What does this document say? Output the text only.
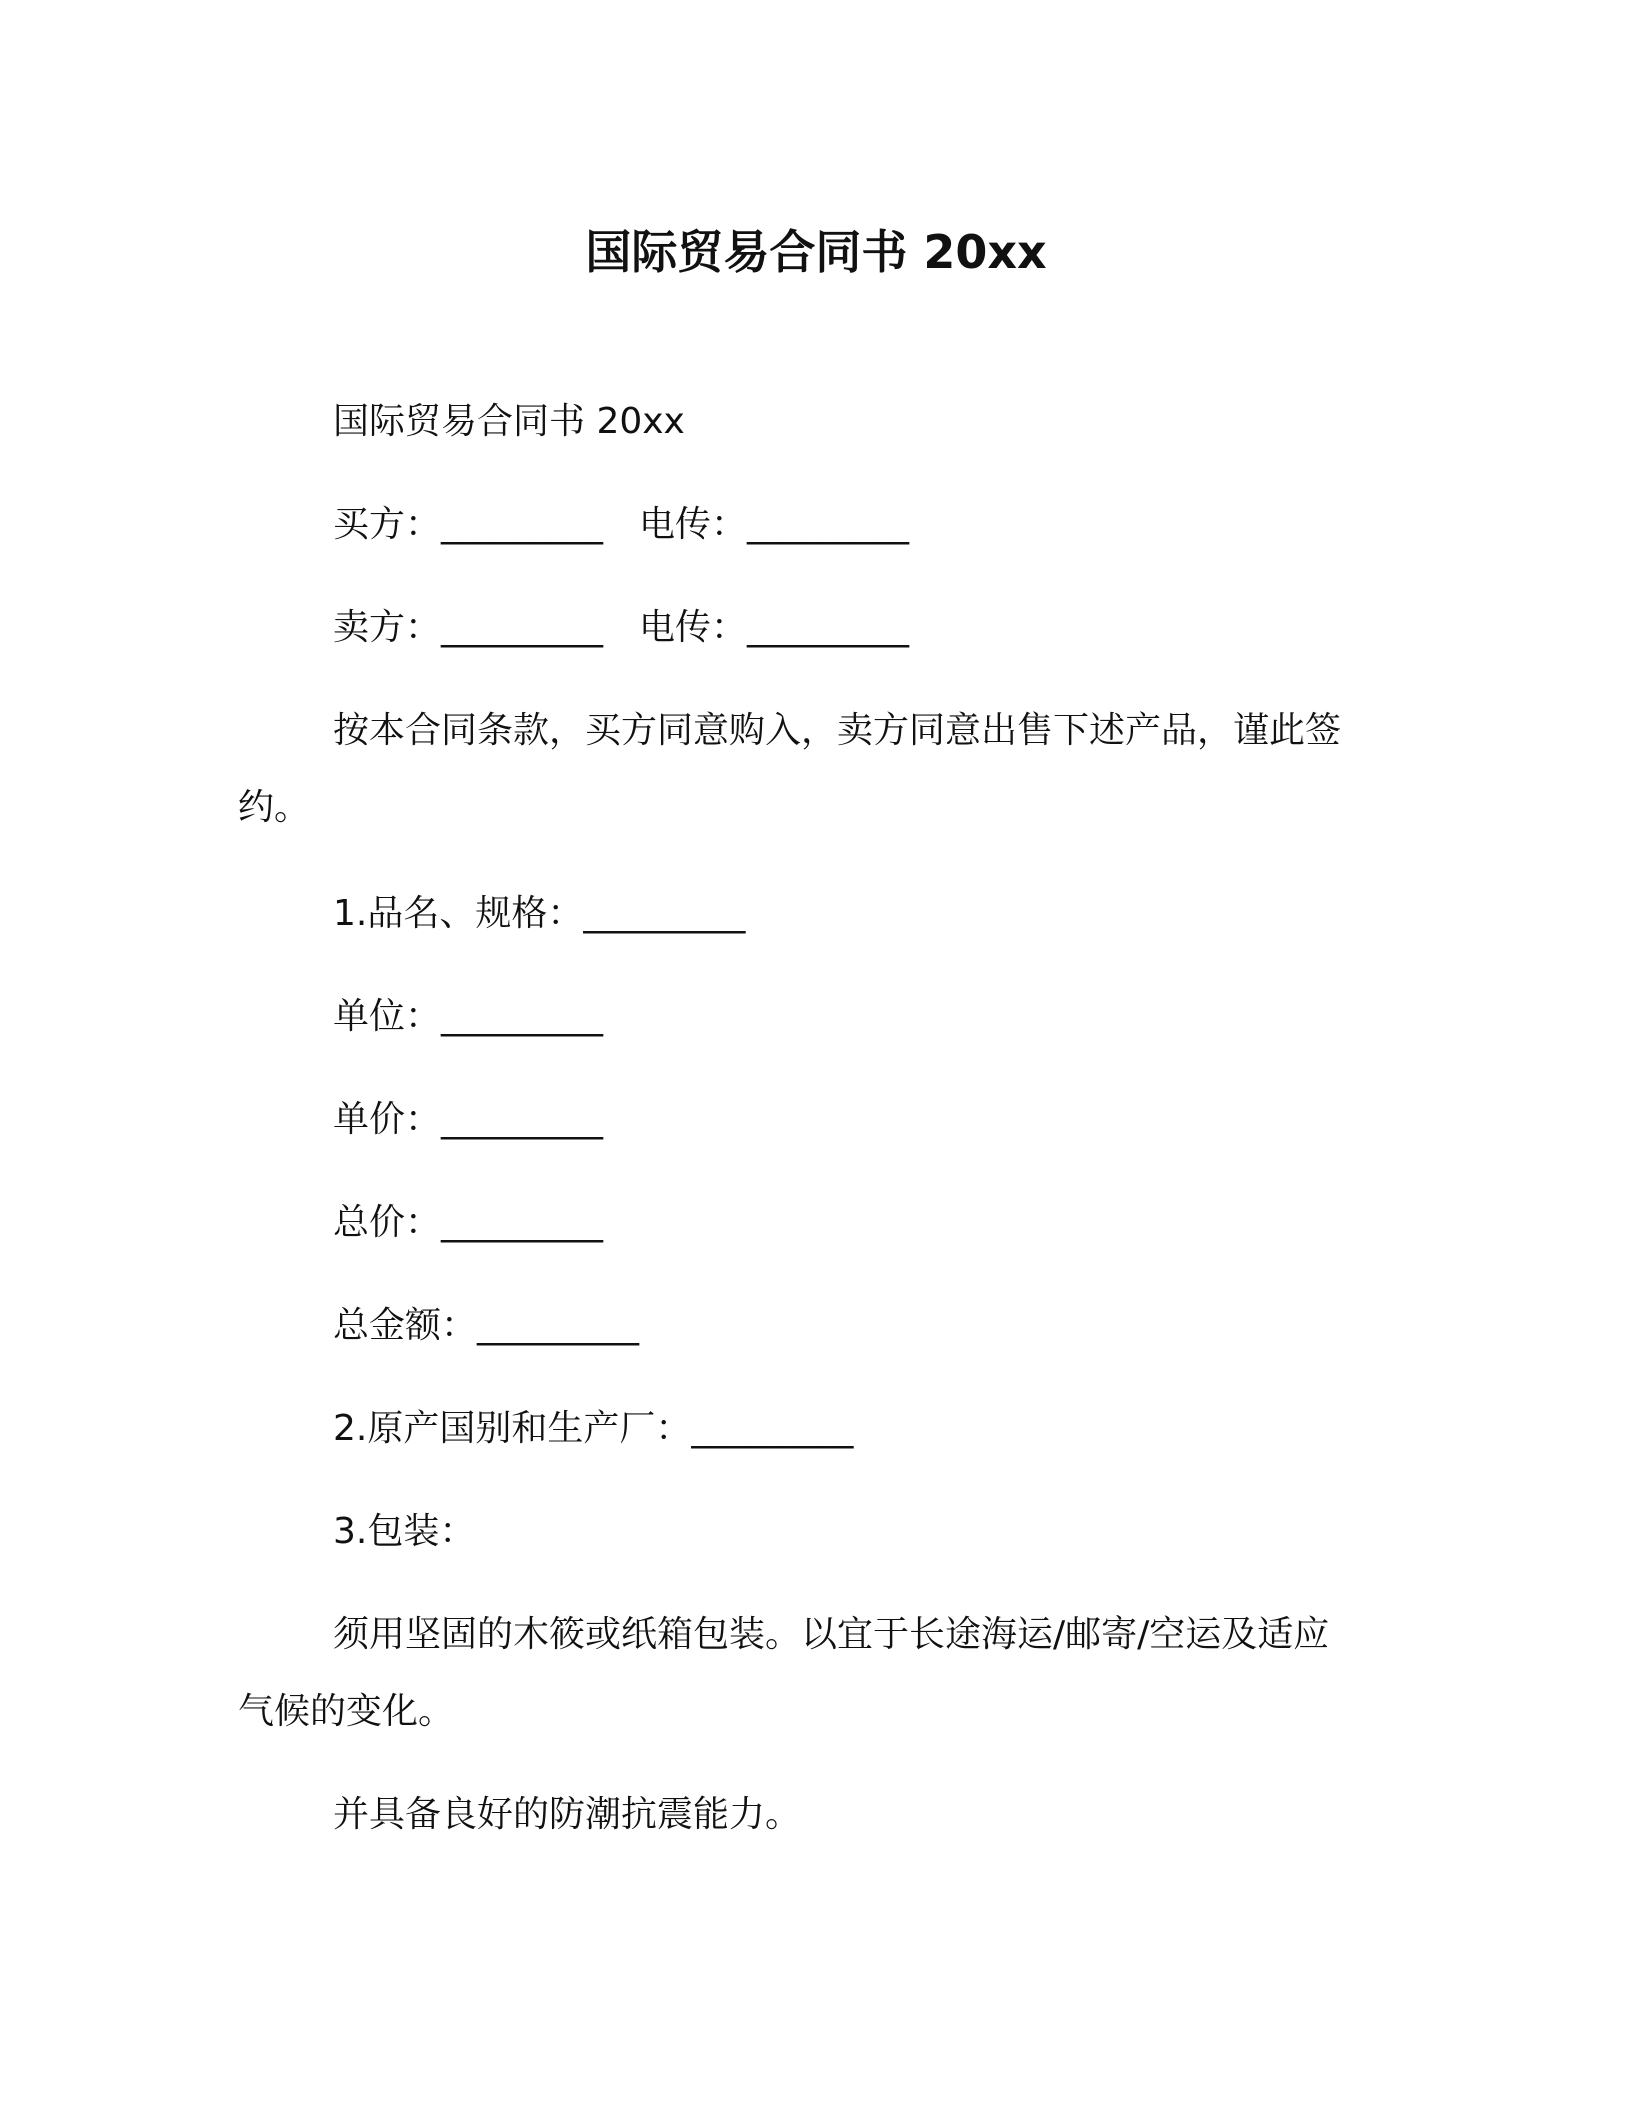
国际贸易合同书 20xx
国际贸易合同书 20xx
买方：_________ 电传：_________
卖方：_________ 电传：_________
按本合同条款，买方同意购入，卖方同意出售下述产品，谨此签
约。
1.品名、规格：_________
单位：_________
单价：_________
总价：_________
总金额：_________
2.原产国别和生产厂：_________
3.包装：
须用坚固的木筱或纸箱包装。以宜于长途海运/邮寄/空运及适应
气候的变化。
并具备良好的防潮抗震能力。
